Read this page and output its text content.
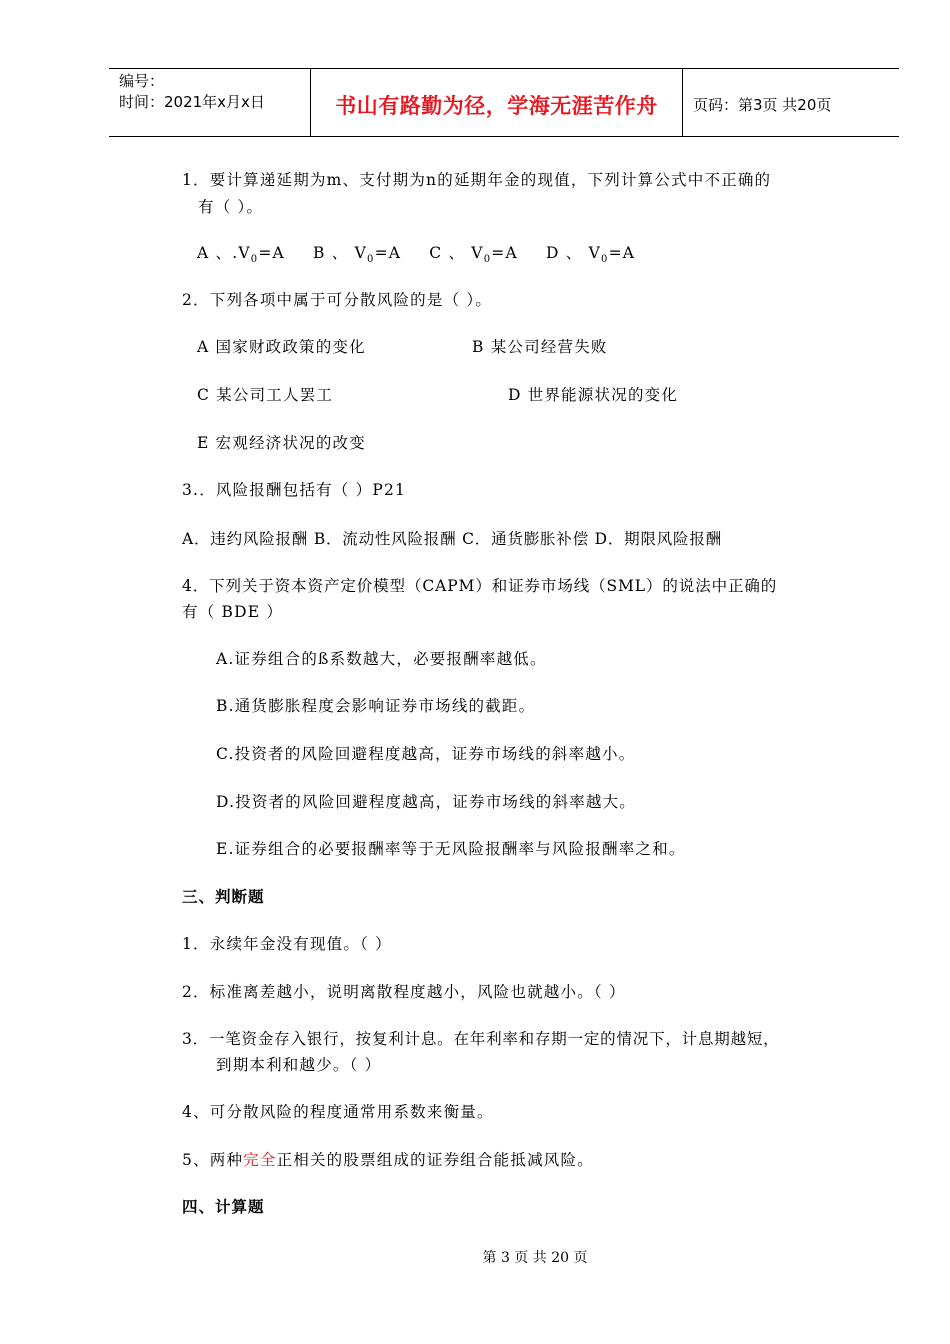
编号：
时间：2021年x月x日	书山有路勤为径，学海无涯苦作舟	页码：第3页 共20页
1．要计算递延期为m、支付期为n的延期年金的现值，下列计算公式中不正确的
有（ ）。
A 、$.V_0=A$ B 、 $V_0=A$ C 、 $V_0=A$ D 、 $V_0=A$
2．下列各项中属于可分散风险的是（ ）。
A 国家财政政策的变化	B 某公司经营失败
C 某公司工人罢工	D 世界能源状况的变化
E 宏观经济状况的改变
3.．风险报酬包括有（ ）P21
A．违约风险报酬 B．流动性风险报酬 C．通货膨胀补偿 D．期限风险报酬
4．下列关于资本资产定价模型（CAPM）和证券市场线（SML）的说法中正确的
有（ BDE ）
A.证券组合的ß系数越大，必要报酬率越低。
B.通货膨胀程度会影响证券市场线的截距。
C.投资者的风险回避程度越高，证券市场线的斜率越小。
D.投资者的风险回避程度越高，证券市场线的斜率越大。
E.证券组合的必要报酬率等于无风险报酬率与风险报酬率之和。
三、判断题
1．永续年金没有现值。（ ）
2．标准离差越小，说明离散程度越小，风险也就越小。（ ）
3．一笔资金存入银行，按复利计息。在年利率和存期一定的情况下，计息期越短，
到期本利和越少。（ ）
4、可分散风险的程度通常用系数来衡量。
5、两种完全正相关的股票组成的证券组合能抵减风险。
四、计算题
第 3 页 共 20 页
